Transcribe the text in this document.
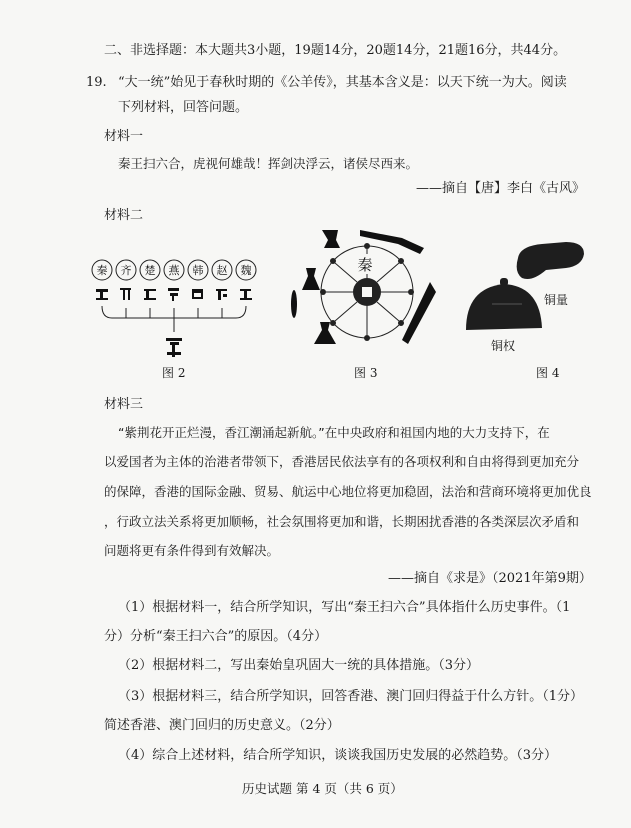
二、非选择题：本大题共3小题，19题14分，20题14分，21题16分，共44分。
19. “大一统”始见于春秋时期的《公羊传》，其基本含义是：以天下统一为大。阅读
下列材料，回答问题。
材料一
秦王扫六合，虎视何雄哉！挥剑决浮云，诸侯尽西来。
——摘自【唐】李白《古风》
材料二
秦 齐 楚 燕 韩 赵 魏
图 2
秦
图 3
铜量
铜权
图 4
材料三
“紫荆花开正烂漫，香江潮涌起新航。”在中央政府和祖国内地的大力支持下，在
以爱国者为主体的治港者带领下，香港居民依法享有的各项权利和自由将得到更加充分
的保障，香港的国际金融、贸易、航运中心地位将更加稳固，法治和营商环境将更加优良
，行政立法关系将更加顺畅，社会氛围将更加和谐，长期困扰香港的各类深层次矛盾和
问题将更有条件得到有效解决。
——摘自《求是》（2021年第9期）
（1）根据材料一，结合所学知识，写出“秦王扫六合”具体指什么历史事件。（1
分）分析“秦王扫六合”的原因。（4分）
（2）根据材料二，写出秦始皇巩固大一统的具体措施。（3分）
（3）根据材料三，结合所学知识，回答香港、澳门回归得益于什么方针。（1分）
简述香港、澳门回归的历史意义。（2分）
（4）综合上述材料，结合所学知识，谈谈我国历史发展的必然趋势。（3分）
历史试题 第 4 页（共 6 页）
